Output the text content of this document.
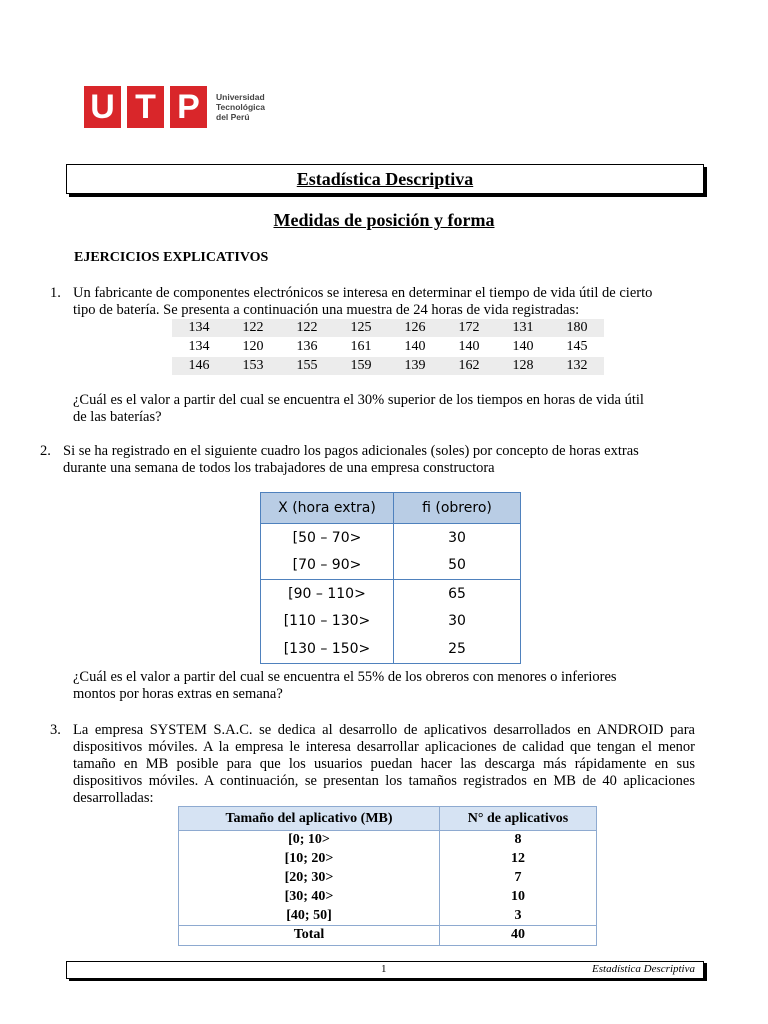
U T P	Universidad
Tecnológica
del Perú
Estadística Descriptiva
Medidas de posición y forma
EJERCICIOS EXPLICATIVOS
1. Un fabricante de componentes electrónicos se interesa en determinar el tiempo de vida útil de cierto
tipo de batería. Se presenta a continuación una muestra de 24 horas de vida registradas:
134	122	122	125	126	172	131	180
134	120	136	161	140	140	140	145
146	153	155	159	139	162	128	132
¿Cuál es el valor a partir del cual se encuentra el 30% superior de los tiempos en horas de vida útil
de las baterías?
2. Si se ha registrado en el siguiente cuadro los pagos adicionales (soles) por concepto de horas extras
durante una semana de todos los trabajadores de una empresa constructora
X (hora extra)	fi (obrero)
[50 – 70>	30
[70 – 90>	50
[90 – 110>	65
[110 – 130>	30
[130 – 150>	25
¿Cuál es el valor a partir del cual se encuentra el 55% de los obreros con menores o inferiores
montos por horas extras en semana?
3. La empresa SYSTEM S.A.C. se dedica al desarrollo de aplicativos desarrollados en ANDROID para
dispositivos móviles. A la empresa le interesa desarrollar aplicaciones de calidad que tengan el menor
tamaño en MB posible para que los usuarios puedan hacer las descarga más rápidamente en sus
dispositivos móviles. A continuación, se presentan los tamaños registrados en MB de 40 aplicaciones
desarrolladas:
Tamaño del aplicativo (MB)	N° de aplicativos
[0; 10>	8
[10; 20>	12
[20; 30>	7
[30; 40>	10
[40; 50]	3
Total	40
1	Estadística Descriptiva
